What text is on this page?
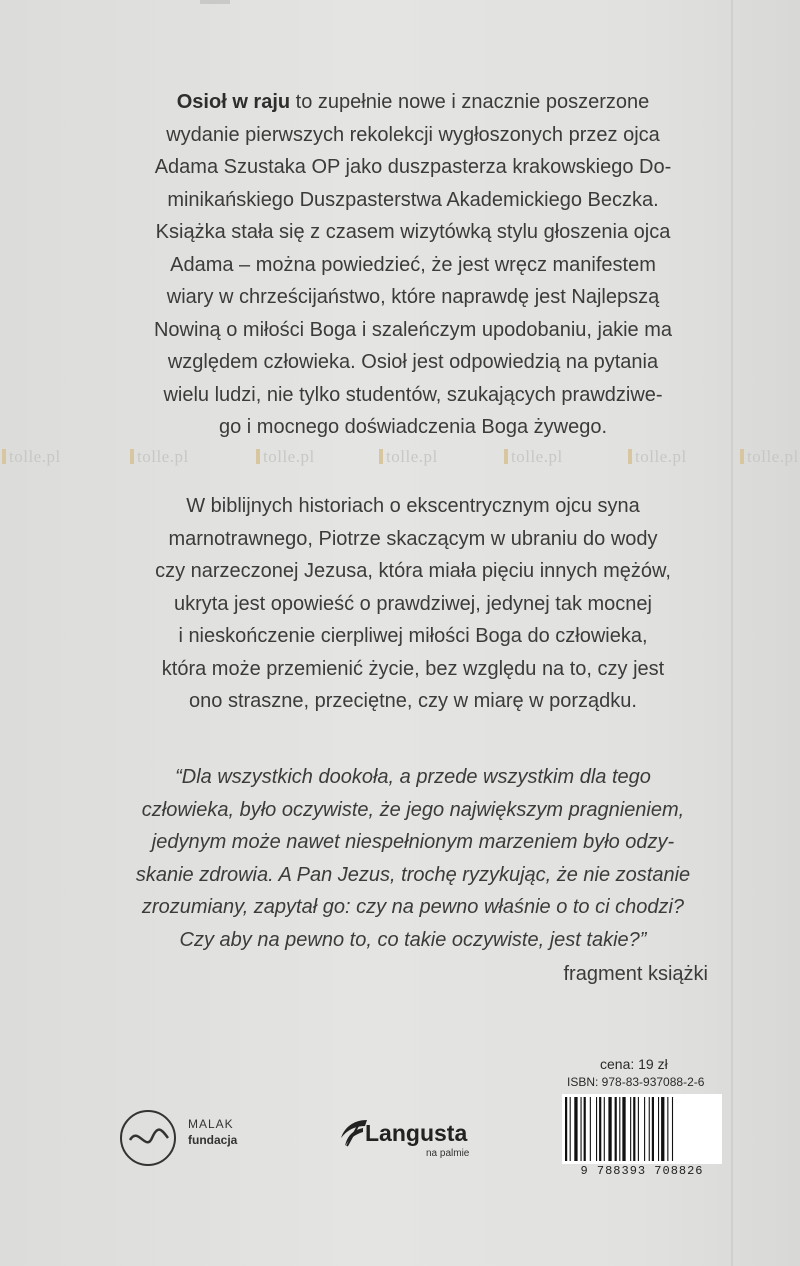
Osioł w raju to zupełnie nowe i znacznie poszerzone
wydanie pierwszych rekolekcji wygłoszonych przez ojca
Adama Szustaka OP jako duszpasterza krakowskiego Do-
minikańskiego Duszpasterstwa Akademickiego Beczka.
Książka stała się z czasem wizytówką stylu głoszenia ojca
Adama – można powiedzieć, że jest wręcz manifestem
wiary w chrześcijaństwo, które naprawdę jest Najlepszą
Nowiną o miłości Boga i szaleńczym upodobaniu, jakie ma
względem człowieka. Osioł jest odpowiedzią na pytania
wielu ludzi, nie tylko studentów, szukających prawdziwe-
go i mocnego doświadczenia Boga żywego.
tolle.pl	tolle.pl	tolle.pl	tolle.pl	tolle.pl	tolle.pl	tolle.pl
W biblijnych historiach o ekscentrycznym ojcu syna
marnotrawnego, Piotrze skaczącym w ubraniu do wody
czy narzeczonej Jezusa, która miała pięciu innych mężów,
ukryta jest opowieść o prawdziwej, jedynej tak mocnej
i nieskończenie cierpliwej miłości Boga do człowieka,
która może przemienić życie, bez względu na to, czy jest
ono straszne, przeciętne, czy w miarę w porządku.
“Dla wszystkich dookoła, a przede wszystkim dla tego
człowieka, było oczywiste, że jego największym pragnieniem,
jedynym może nawet niespełnionym marzeniem było odzy-
skanie zdrowia. A Pan Jezus, trochę ryzykując, że nie zostanie
zrozumiany, zapytał go: czy na pewno właśnie o to ci chodzi?
Czy aby na pewno to, co takie oczywiste, jest takie?”
fragment książki
cena: 19 zł
ISBN: 978-83-937088-2-6
9 788393 708826
MALAK
fundacja	Langusta
na palmie
